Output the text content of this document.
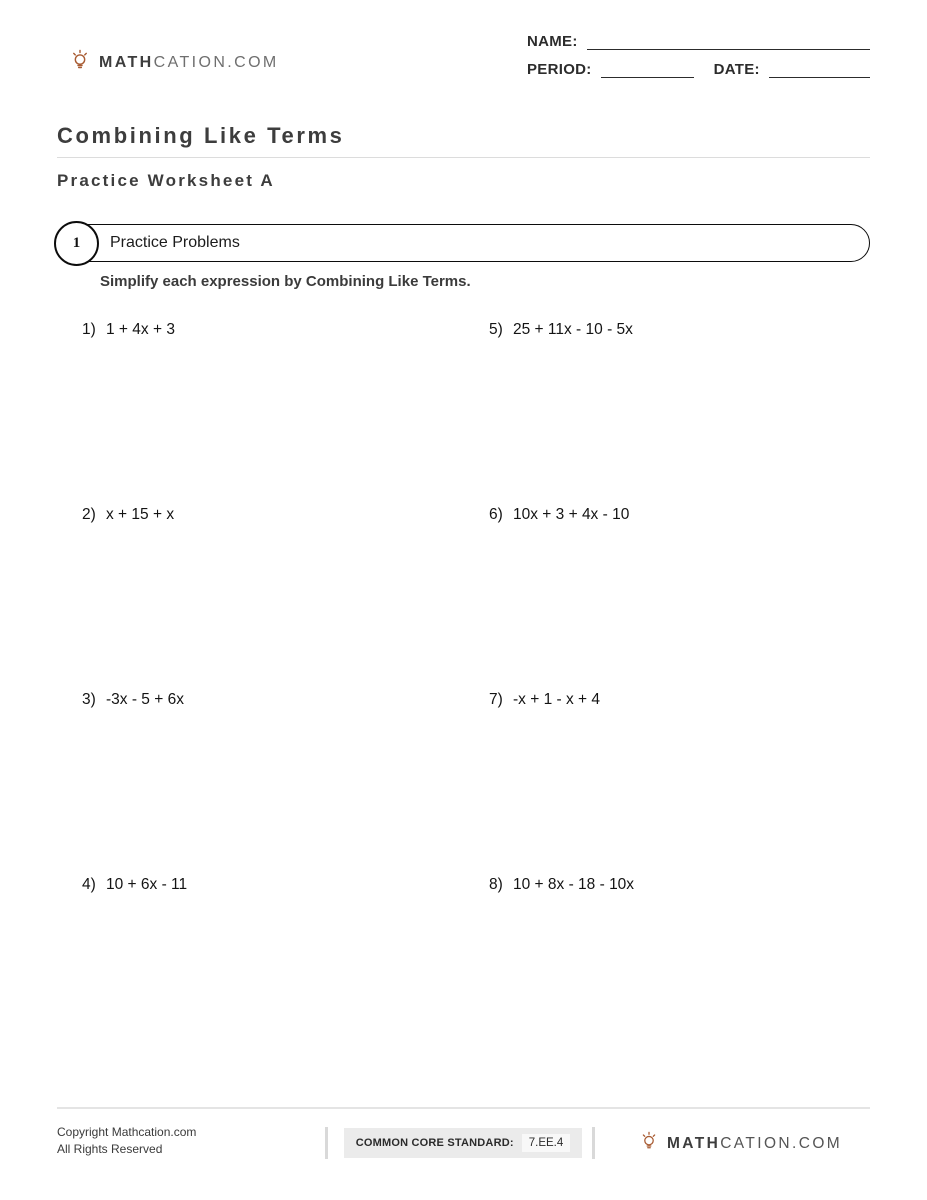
MATHCATION.COM
NAME:
PERIOD:	DATE:
Combining Like Terms
Practice Worksheet A
1	Practice Problems

Simplify each expression by Combining Like Terms.

1) 1 + 4x + 3
2) x + 15 + x
3) -3x - 5 + 6x
4) 10 + 6x - 11
5) 25 + 11x - 10 - 5x
6) 10x + 3 + 4x - 10
7) -x + 1 - x + 4
8) 10 + 8x - 18 - 10x
Copyright Mathcation.com
All Rights Reserved	COMMON CORE STANDARD:	7.EE.4	MATHCATION.COM
